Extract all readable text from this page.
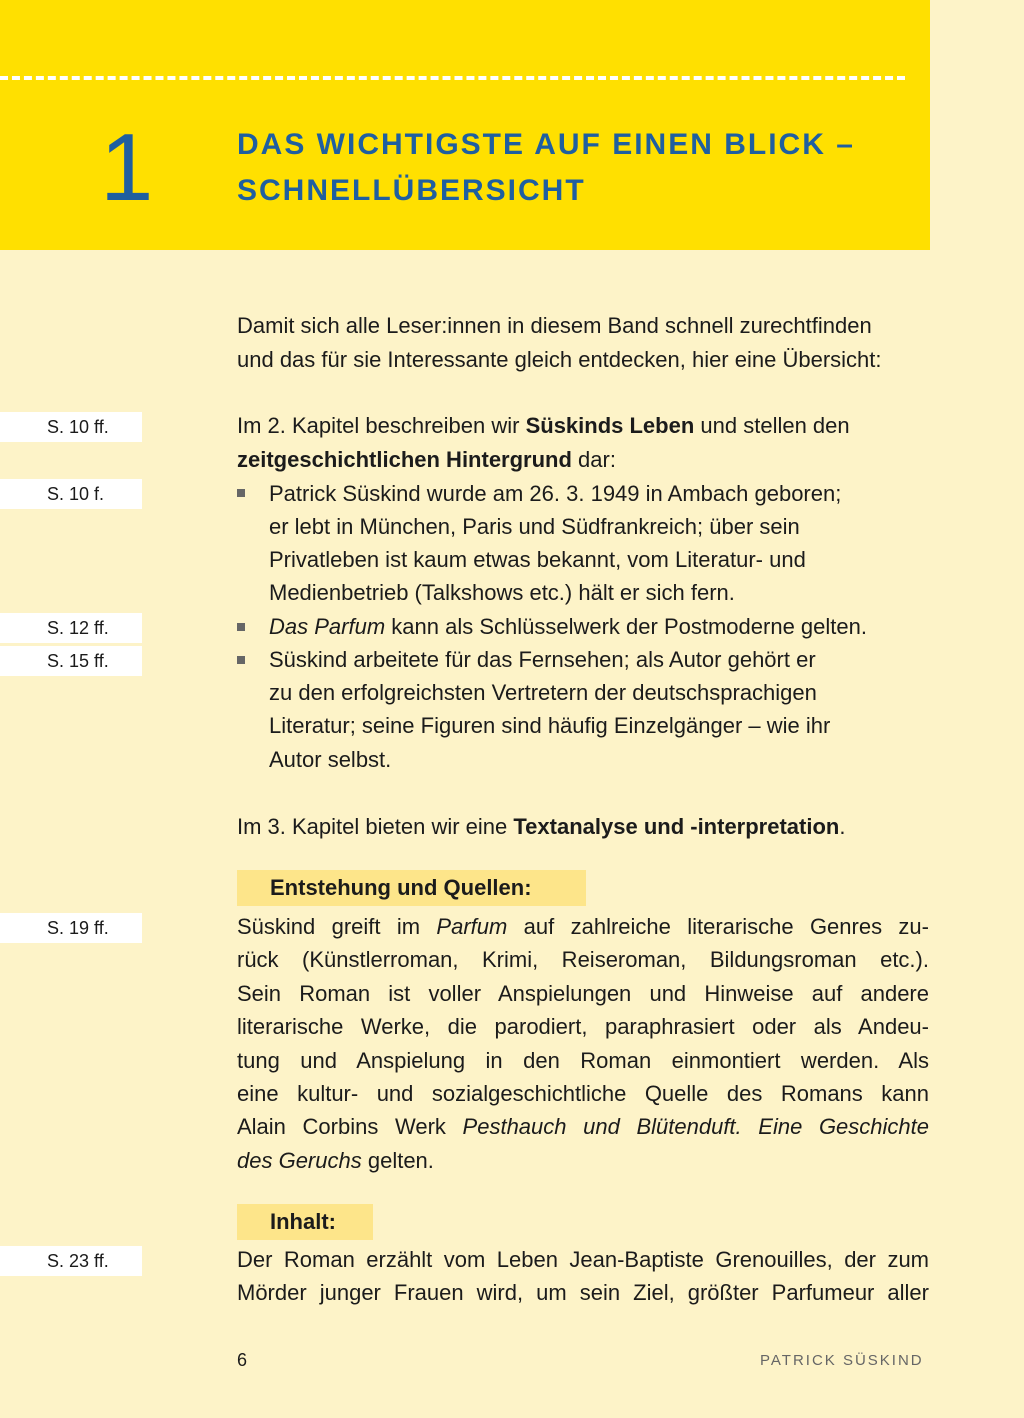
1	DAS WICHTIGSTE AUF EINEN BLICK –
SCHNELLÜBERSICHT
S. 10 ff.
S. 10 f.
S. 12 ff.
S. 15 ff.
S. 19 ff.
S. 23 ff.
Damit sich alle Leser:innen in diesem Band schnell zurechtfinden
und das für sie Interessante gleich entdecken, hier eine Übersicht:
Im 2. Kapitel beschreiben wir Süskinds Leben und stellen den
zeitgeschichtlichen Hintergrund dar:
Patrick Süskind wurde am 26. 3. 1949 in Ambach geboren;
er lebt in München, Paris und Südfrankreich; über sein
Privatleben ist kaum etwas bekannt, vom Literatur- und
Medienbetrieb (Talkshows etc.) hält er sich fern.
Das Parfum kann als Schlüsselwerk der Postmoderne gelten.
Süskind arbeitete für das Fernsehen; als Autor gehört er
zu den erfolgreichsten Vertretern der deutschsprachigen
Literatur; seine Figuren sind häufig Einzelgänger – wie ihr
Autor selbst.
Im 3. Kapitel bieten wir eine Textanalyse und -interpretation.
Entstehung und Quellen:
Süskind greift im Parfum auf zahlreiche literarische Genres zu-
rück (Künstlerroman, Krimi, Reiseroman, Bildungsroman etc.).
Sein Roman ist voller Anspielungen und Hinweise auf andere
literarische Werke, die parodiert, paraphrasiert oder als Andeu-
tung und Anspielung in den Roman einmontiert werden. Als
eine kultur- und sozialgeschichtliche Quelle des Romans kann
Alain Corbins Werk Pesthauch und Blütenduft. Eine Geschichte
des Geruchs gelten.
Inhalt:
Der Roman erzählt vom Leben Jean-Baptiste Grenouilles, der zum
Mörder junger Frauen wird, um sein Ziel, größter Parfumeur aller
6	PATRICK SÜSKIND
